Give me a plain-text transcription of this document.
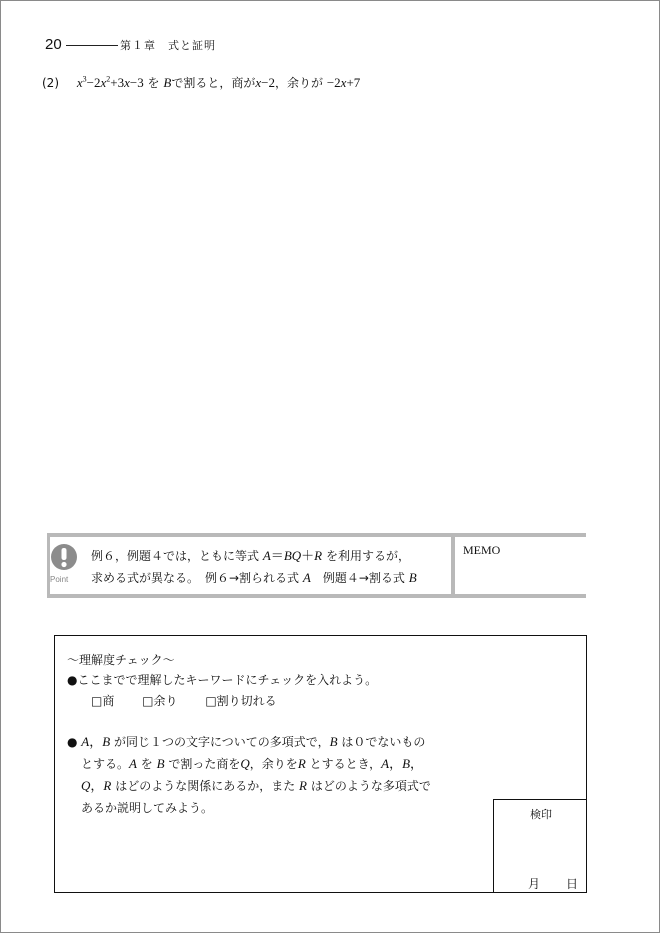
20	第１章　式と証明
(2) $x^3-2x^2+3x-3$ を Bで割ると，商がx−2，余りが −2x+7
Point
例６，例題４では，ともに等式 A＝BQ＋R を利用するが，
求める式が異なる。　例６→割られる式 A　 例題４→割る式 B
MEMO
～理解度チェック～
●ここまでで理解したキーワードにチェックを入れよう。
□商 □余り □割り切れる
● A，B が同じ１つの文字についての多項式で，B は０でないもの
とする。A を B で割った商をQ，余りをR とするとき，A，B，
Q，R はどのような関係にあるか，また R はどのような多項式で
あるか説明してみよう。	検印
月 日
